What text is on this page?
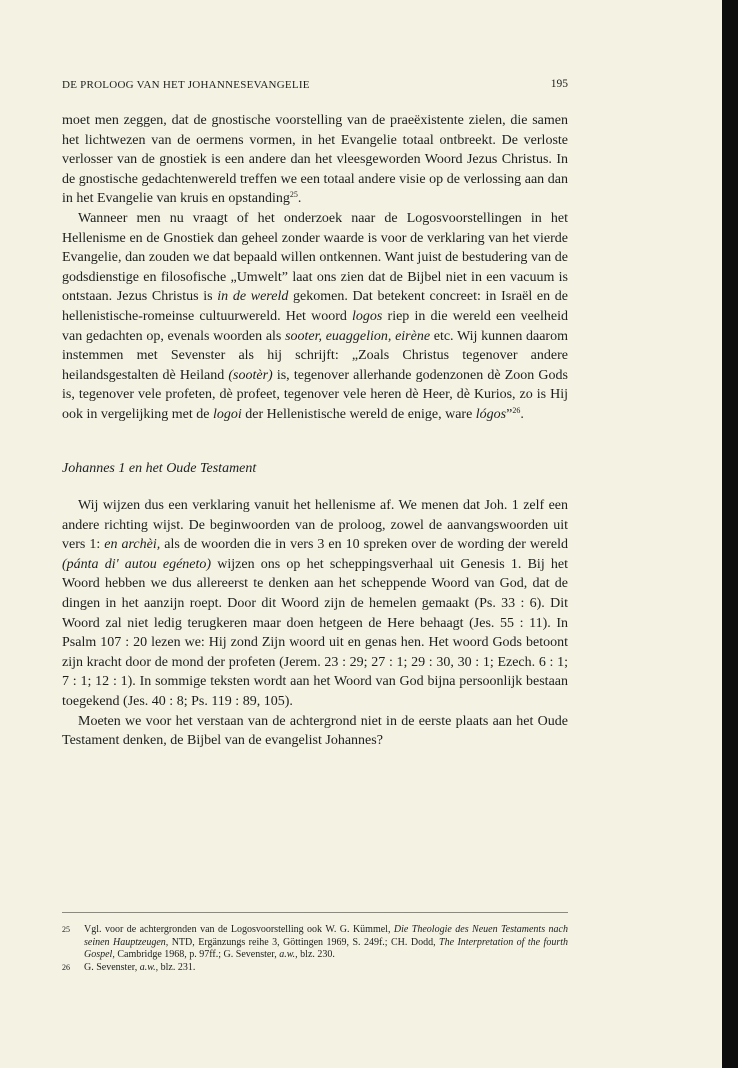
DE PROLOOG VAN HET JOHANNESEVANGELIE	195

moet men zeggen, dat de gnostische voorstelling van de praeëxistente zielen, die samen het lichtwezen van de oermens vormen, in het Evangelie totaal ontbreekt. De verloste verlosser van de gnostiek is een andere dan het vleesgeworden Woord Jezus Christus. In de gnostische gedachtenwereld treffen we een totaal andere visie op de verlossing aan dan in het Evangelie van kruis en opstanding$^{25}$.

Wanneer men nu vraagt of het onderzoek naar de Logosvoorstellingen in het Hellenisme en de Gnostiek dan geheel zonder waarde is voor de verklaring van het vierde Evangelie, dan zouden we dat bepaald willen ontkennen. Want juist de bestudering van de godsdienstige en filosofische „Umwelt” laat ons zien dat de Bijbel niet in een vacuum is ontstaan. Jezus Christus is in de wereld gekomen. Dat betekent concreet: in Israël en de hellenistische-romeinse cultuurwereld. Het woord logos riep in die wereld een veelheid van gedachten op, evenals woorden als sooter, euaggelion, eirène etc. Wij kunnen daarom instemmen met Sevenster als hij schrijft: „Zoals Christus tegenover andere heilandsgestalten dè Heiland (sootèr) is, tegenover allerhande godenzonen dè Zoon Gods is, tegenover vele profeten, dè profeet, tegenover vele heren dè Heer, dè Kurios, zo is Hij ook in vergelijking met de logoi der Hellenistische wereld de enige, ware lógos”$^{26}$.

Johannes 1 en het Oude Testament

Wij wijzen dus een verklaring vanuit het hellenisme af. We menen dat Joh. 1 zelf een andere richting wijst. De beginwoorden van de proloog, zowel de aanvangswoorden uit vers 1: en archèi, als de woorden die in vers 3 en 10 spreken over de wording der wereld (pánta di' autou egéneto) wijzen ons op het scheppingsverhaal uit Genesis 1. Bij het Woord hebben we dus allereerst te denken aan het scheppende Woord van God, dat de dingen in het aanzijn roept. Door dit Woord zijn de hemelen gemaakt (Ps. 33 : 6). Dit Woord zal niet ledig terugkeren maar doen hetgeen de Here behaagt (Jes. 55 : 11). In Psalm 107 : 20 lezen we: Hij zond Zijn woord uit en genas hen. Het woord Gods betoont zijn kracht door de mond der profeten (Jerem. 23 : 29; 27 : 1; 29 : 30, 30 : 1; Ezech. 6 : 1; 7 : 1; 12 : 1). In sommige teksten wordt aan het Woord van God bijna persoonlijk bestaan toegekend (Jes. 40 : 8; Ps. 119 : 89, 105).

Moeten we voor het verstaan van de achtergrond niet in de eerste plaats aan het Oude Testament denken, de Bijbel van de evangelist Johannes?

25 Vgl. voor de achtergronden van de Logosvoorstelling ook W. G. Kümmel, Die Theologie des Neuen Testaments nach seinen Hauptzeugen, NTD, Ergänzungs reihe 3, Göttingen 1969, S. 249f.; CH. Dodd, The Interpretation of the fourth Gospel, Cambridge 1968, p. 97ff.; G. Sevenster, a.w., blz. 230.
26 G. Sevenster, a.w., blz. 231.
